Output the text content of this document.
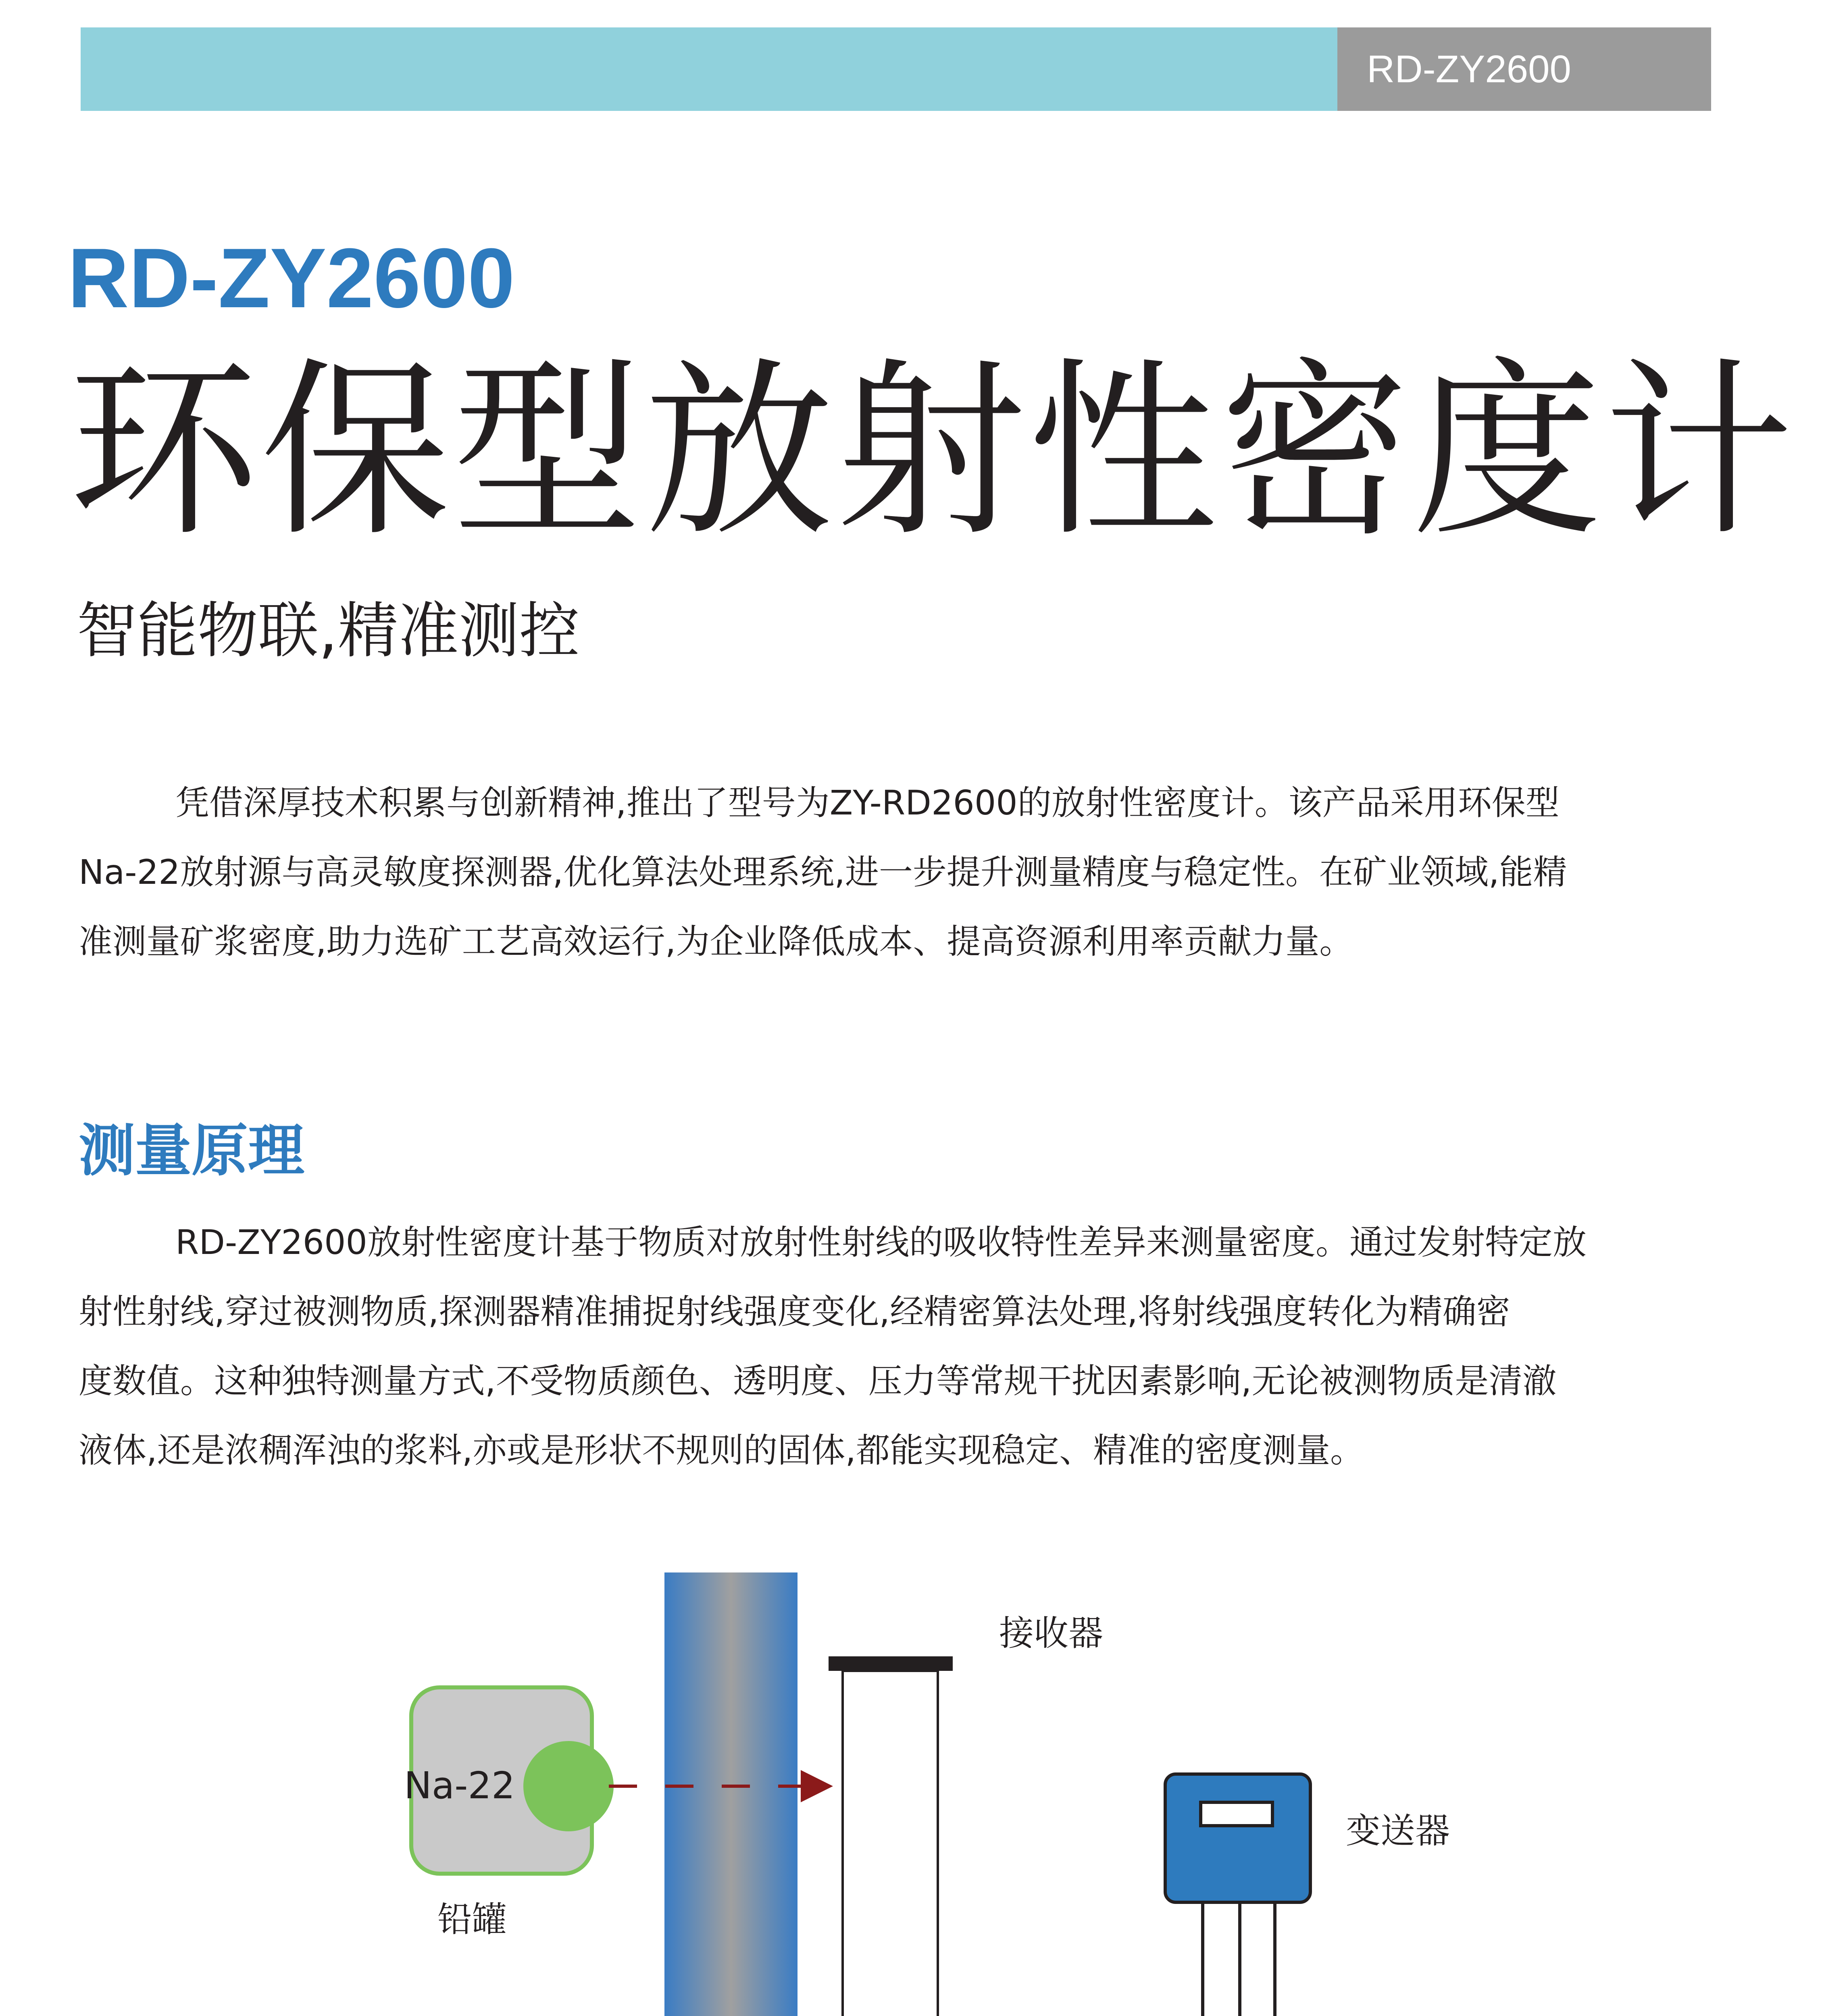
RD-ZY2600
RD-ZY2600
环保型放射性密度计
智能物联,精准测控

凭借深厚技术积累与创新精神,推出了型号为ZY-RD2600的放射性密度计。该产品采用环保型
Na-22放射源与高灵敏度探测器,优化算法处理系统,进一步提升测量精度与稳定性。在矿业领域,能精
准测量矿浆密度,助力选矿工艺高效运行,为企业降低成本、提高资源利用率贡献力量。

测量原理

RD-ZY2600放射性密度计基于物质对放射性射线的吸收特性差异来测量密度。通过发射特定放
射性射线,穿过被测物质,探测器精准捕捉射线强度变化,经精密算法处理,将射线强度转化为精确密
度数值。这种独特测量方式,不受物质颜色、透明度、压力等常规干扰因素影响,无论被测物质是清澈
液体,还是浓稠浑浊的浆料,亦或是形状不规则的固体,都能实现稳定、精准的密度测量。

Na-22
铅罐
接收器
变送器
